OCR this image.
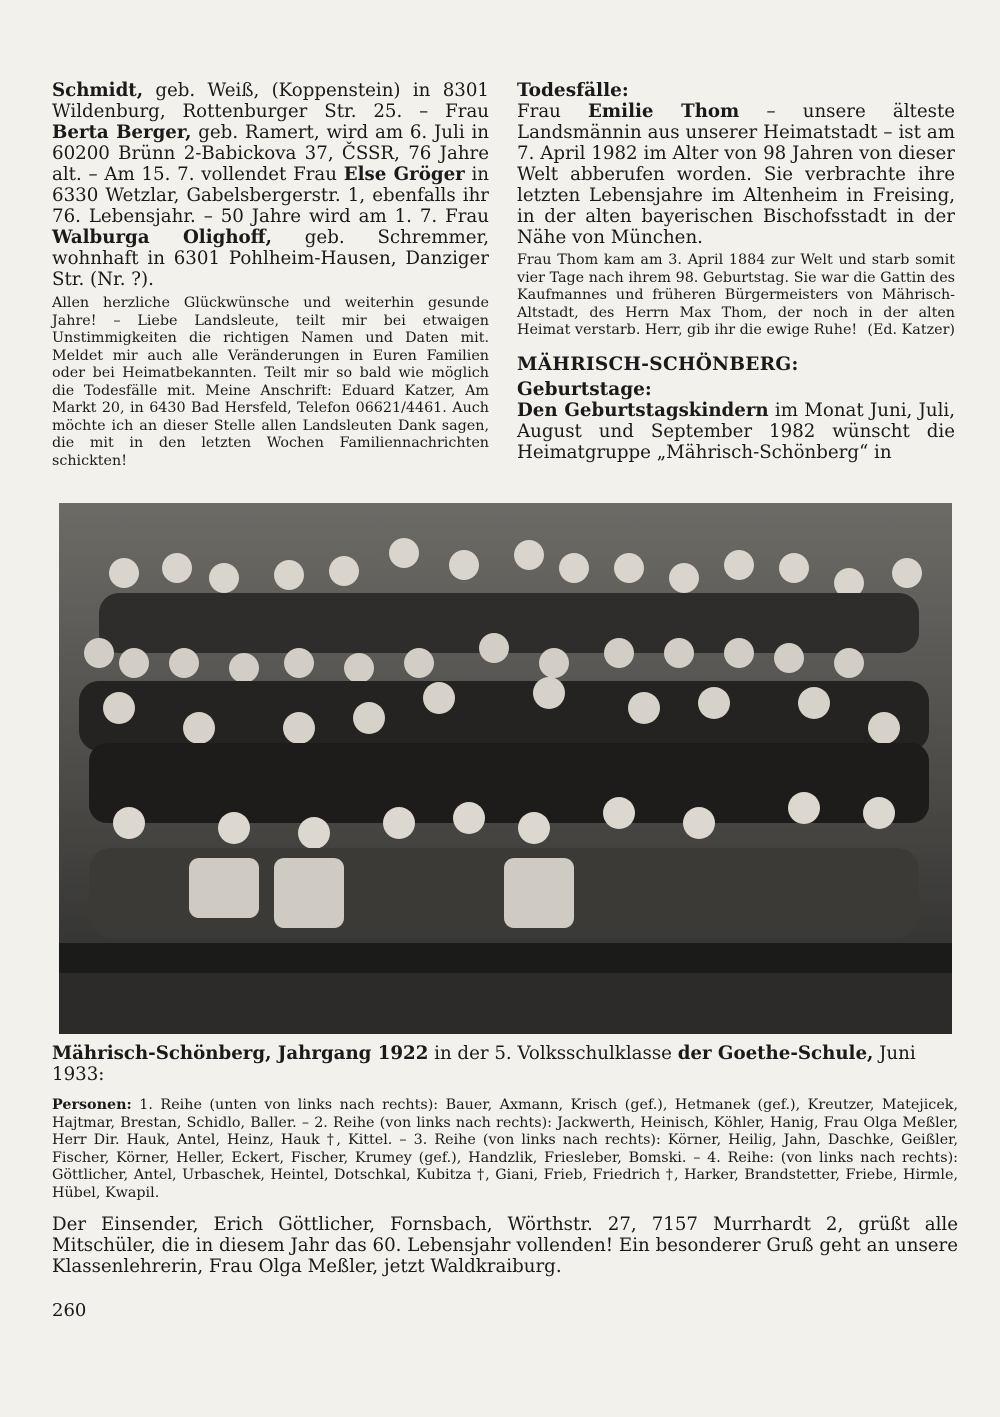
Schmidt, geb. Weiß, (Koppenstein) in 8301 Wildenburg, Rottenburger Str. 25. – Frau Berta Berger, geb. Ramert, wird am 6. Juli in 60200 Brünn 2-Babickova 37, ČSSR, 76 Jahre alt. – Am 15. 7. vollendet Frau Else Gröger in 6330 Wetzlar, Gabelsbergerstr. 1, ebenfalls ihr 76. Lebensjahr. – 50 Jahre wird am 1. 7. Frau Walburga Olighoff, geb. Schremmer, wohnhaft in 6301 Pohlheim-Hausen, Danziger Str. (Nr. ?).

Allen herzliche Glückwünsche und weiterhin gesunde Jahre! – Liebe Landsleute, teilt mir bei etwaigen Unstimmigkeiten die richtigen Namen und Daten mit. Meldet mir auch alle Veränderungen in Euren Familien oder bei Heimatbekannten. Teilt mir so bald wie möglich die Todesfälle mit. Meine Anschrift: Eduard Katzer, Am Markt 20, in 6430 Bad Hersfeld, Telefon 06621/4461. Auch möchte ich an dieser Stelle allen Landsleuten Dank sagen, die mit in den letzten Wochen Familiennachrichten schickten!

Todesfälle:

Frau Emilie Thom – unsere älteste Landsmännin aus unserer Heimatstadt – ist am 7. April 1982 im Alter von 98 Jahren von dieser Welt abberufen worden. Sie verbrachte ihre letzten Lebensjahre im Altenheim in Freising, in der alten bayerischen Bischofsstadt in der Nähe von München.

Frau Thom kam am 3. April 1884 zur Welt und starb somit vier Tage nach ihrem 98. Geburtstag. Sie war die Gattin des Kaufmannes und früheren Bürgermeisters von Mährisch-Altstadt, des Herrn Max Thom, der noch in der alten Heimat verstarb. Herr, gib ihr die ewige Ruhe! (Ed. Katzer)

MÄHRISCH-SCHÖNBERG:

Geburtstage:

Den Geburtstagskindern im Monat Juni, Juli, August und September 1982 wünscht die Heimatgruppe „Mährisch-Schönberg“ in

Mährisch-Schönberg, Jahrgang 1922 in der 5. Volksschulklasse der Goethe-Schule, Juni 1933:

Personen: 1. Reihe (unten von links nach rechts): Bauer, Axmann, Krisch (gef.), Hetmanek (gef.), Kreutzer, Matejicek, Hajtmar, Brestan, Schidlo, Baller. – 2. Reihe (von links nach rechts): Jackwerth, Heinisch, Köhler, Hanig, Frau Olga Meßler, Herr Dir. Hauk, Antel, Heinz, Hauk †, Kittel. – 3. Reihe (von links nach rechts): Körner, Heilig, Jahn, Daschke, Geißler, Fischer, Körner, Heller, Eckert, Fischer, Krumey (gef.), Handzlik, Friesleber, Bomski. – 4. Reihe: (von links nach rechts): Göttlicher, Antel, Urbaschek, Heintel, Dotschkal, Kubitza †, Giani, Frieb, Friedrich †, Harker, Brandstetter, Friebe, Hirmle, Hübel, Kwapil.

Der Einsender, Erich Göttlicher, Fornsbach, Wörthstr. 27, 7157 Murrhardt 2, grüßt alle Mitschüler, die in diesem Jahr das 60. Lebensjahr vollenden! Ein besonderer Gruß geht an unsere Klassenlehrerin, Frau Olga Meßler, jetzt Waldkraiburg.

260
